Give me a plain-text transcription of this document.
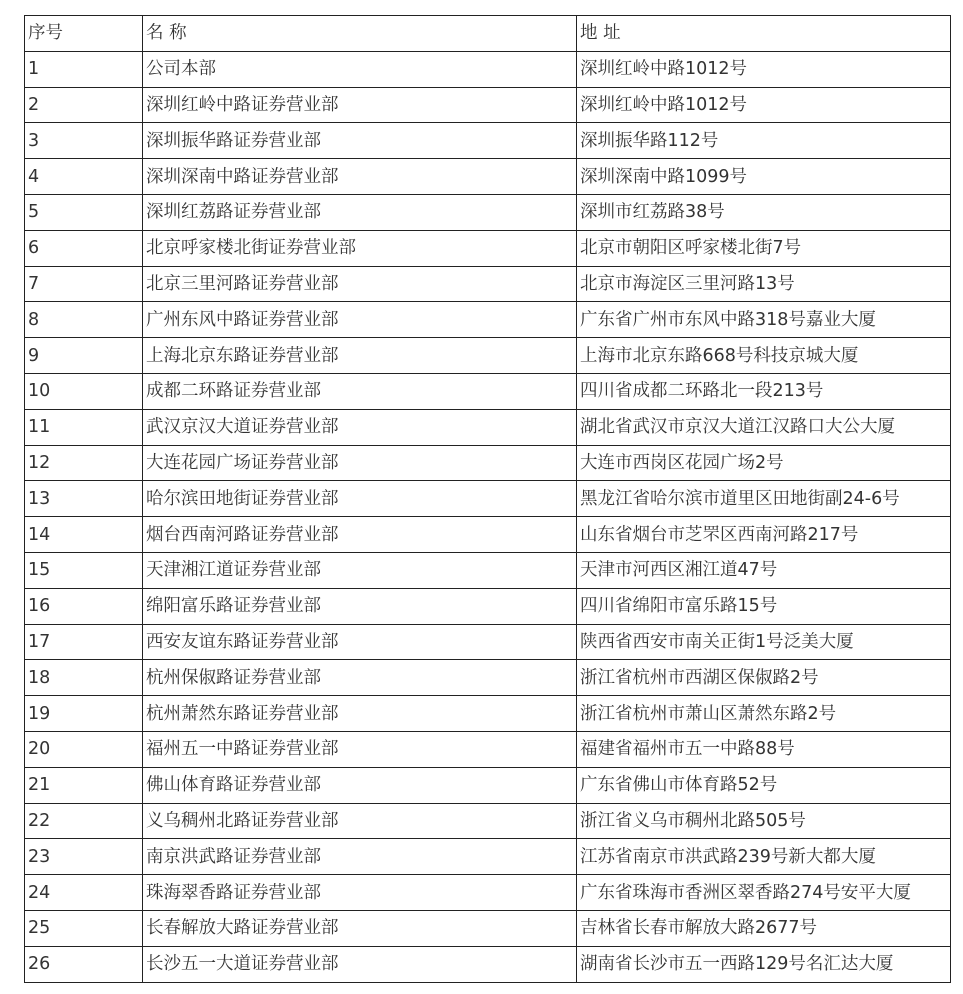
序号	名 称	地 址
1	公司本部	深圳红岭中路1012号
2	深圳红岭中路证券营业部	深圳红岭中路1012号
3	深圳振华路证券营业部	深圳振华路112号
4	深圳深南中路证券营业部	深圳深南中路1099号
5	深圳红荔路证券营业部	深圳市红荔路38号
6	北京呼家楼北街证券营业部	北京市朝阳区呼家楼北街7号
7	北京三里河路证券营业部	北京市海淀区三里河路13号
8	广州东风中路证券营业部	广东省广州市东风中路318号嘉业大厦
9	上海北京东路证券营业部	上海市北京东路668号科技京城大厦
10	成都二环路证券营业部	四川省成都二环路北一段213号
11	武汉京汉大道证券营业部	湖北省武汉市京汉大道江汉路口大公大厦
12	大连花园广场证券营业部	大连市西岗区花园广场2号
13	哈尔滨田地街证券营业部	黑龙江省哈尔滨市道里区田地街副24-6号
14	烟台西南河路证券营业部	山东省烟台市芝罘区西南河路217号
15	天津湘江道证券营业部	天津市河西区湘江道47号
16	绵阳富乐路证券营业部	四川省绵阳市富乐路15号
17	西安友谊东路证券营业部	陕西省西安市南关正街1号泛美大厦
18	杭州保俶路证券营业部	浙江省杭州市西湖区保俶路2号
19	杭州萧然东路证券营业部	浙江省杭州市萧山区萧然东路2号
20	福州五一中路证券营业部	福建省福州市五一中路88号
21	佛山体育路证券营业部	广东省佛山市体育路52号
22	义乌稠州北路证券营业部	浙江省义乌市稠州北路505号
23	南京洪武路证券营业部	江苏省南京市洪武路239号新大都大厦
24	珠海翠香路证券营业部	广东省珠海市香洲区翠香路274号安平大厦
25	长春解放大路证券营业部	吉林省长春市解放大路2677号
26	长沙五一大道证券营业部	湖南省长沙市五一西路129号名汇达大厦
